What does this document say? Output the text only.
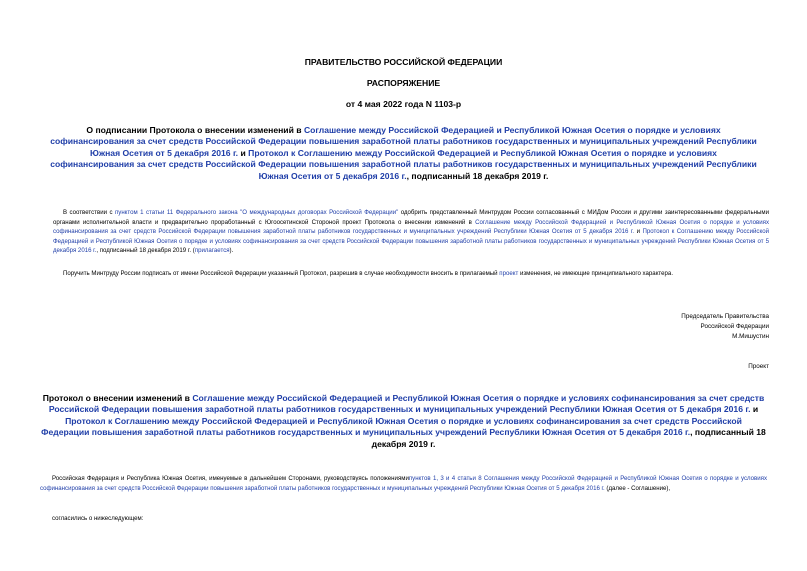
ПРАВИТЕЛЬСТВО РОССИЙСКОЙ ФЕДЕРАЦИИ
РАСПОРЯЖЕНИЕ
от 4 мая 2022 года N 1103-р
О подписании Протокола о внесении изменений в Соглашение между Российской Федерацией и Республикой Южная Осетия о порядке и условиях софинансирования за счет средств Российской Федерации повышения заработной платы работников государственных и муниципальных учреждений Республики Южная Осетия от 5 декабря 2016 г. и Протокол к Соглашению между Российской Федерацией и Республикой Южная Осетия о порядке и условиях софинансирования за счет средств Российской Федерации повышения заработной платы работников государственных и муниципальных учреждений Республики Южная Осетия от 5 декабря 2016 г., подписанный 18 декабря 2019 г.
В соответствии с пунктом 1 статьи 11 Федерального закона "О международных договорах Российской Федерации" одобрить представленный Минтрудом России согласованный с МИДом России и другими заинтересованными федеральными органами исполнительной власти и предварительно проработанный с Югоосетинской Стороной проект Протокола о внесении изменений в Соглашение между Российской Федерацией и Республикой Южная Осетия о порядке и условиях софинансирования за счет средств Российской Федерации повышения заработной платы работников государственных и муниципальных учреждений Республики Южная Осетия от 5 декабря 2016 г. и Протокол к Соглашению между Российской Федерацией и Республикой Южная Осетия о порядке и условиях софинансирования за счет средств Российской Федерации повышения заработной платы работников государственных и муниципальных учреждений Республики Южная Осетия от 5 декабря 2016 г., подписанный 18 декабря 2019 г. (прилагается).
Поручить Минтруду России подписать от имени Российской Федерации указанный Протокол, разрешив в случае необходимости вносить в прилагаемый проект изменения, не имеющие принципиального характера.
Председатель Правительства
Российской Федерации
М.Мишустин
Проект
Протокол о внесении изменений в Соглашение между Российской Федерацией и Республикой Южная Осетия о порядке и условиях софинансирования за счет средств Российской Федерации повышения заработной платы работников государственных и муниципальных учреждений Республики Южная Осетия от 5 декабря 2016 г. и Протокол к Соглашению между Российской Федерацией и Республикой Южная Осетия о порядке и условиях софинансирования за счет средств Российской Федерации повышения заработной платы работников государственных и муниципальных учреждений Республики Южная Осетия от 5 декабря 2016 г., подписанный 18 декабря 2019 г.
Российская Федерация и Республика Южная Осетия, именуемые в дальнейшем Сторонами, руководствуясь положениямипунктов 1, 3 и 4 статьи 8 Соглашения между Российской Федерацией и Республикой Южная Осетия о порядке и условиях софинансирования за счет средств Российской Федерации повышения заработной платы работников государственных и муниципальных учреждений Республики Южная Осетия от 5 декабря 2016 г. (далее - Соглашение),
согласились о нижеследующем:
